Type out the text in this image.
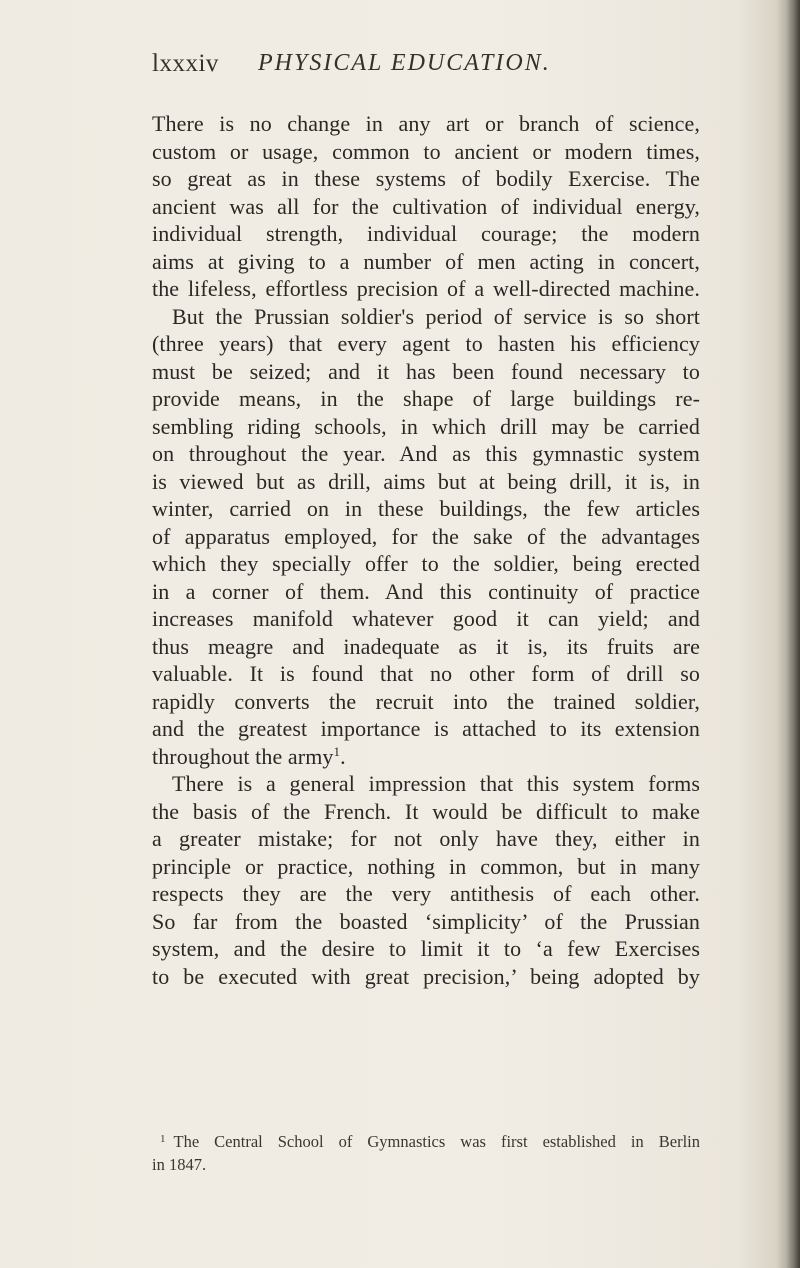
lxxxiv PHYSICAL EDUCATION.
There is no change in any art or branch of science,
custom or usage, common to ancient or modern times,
so great as in these systems of bodily Exercise. The
ancient was all for the cultivation of individual energy,
individual strength, individual courage; the modern
aims at giving to a number of men acting in concert,
the lifeless, effortless precision of a well-directed machine.
But the Prussian soldier's period of service is so short
(three years) that every agent to hasten his efficiency
must be seized; and it has been found necessary to
provide means, in the shape of large buildings re-
sembling riding schools, in which drill may be carried
on throughout the year. And as this gymnastic system
is viewed but as drill, aims but at being drill, it is, in
winter, carried on in these buildings, the few articles
of apparatus employed, for the sake of the advantages
which they specially offer to the soldier, being erected
in a corner of them. And this continuity of practice
increases manifold whatever good it can yield; and
thus meagre and inadequate as it is, its fruits are
valuable. It is found that no other form of drill so
rapidly converts the recruit into the trained soldier,
and the greatest importance is attached to its extension
throughout the army$^1$.
There is a general impression that this system forms
the basis of the French. It would be difficult to make
a greater mistake; for not only have they, either in
principle or practice, nothing in common, but in many
respects they are the very antithesis of each other.
So far from the boasted ‘simplicity’ of the Prussian
system, and the desire to limit it to ‘a few Exercises
to be executed with great precision,’ being adopted by
$^1$ The Central School of Gymnastics was first established in Berlin
in 1847.
